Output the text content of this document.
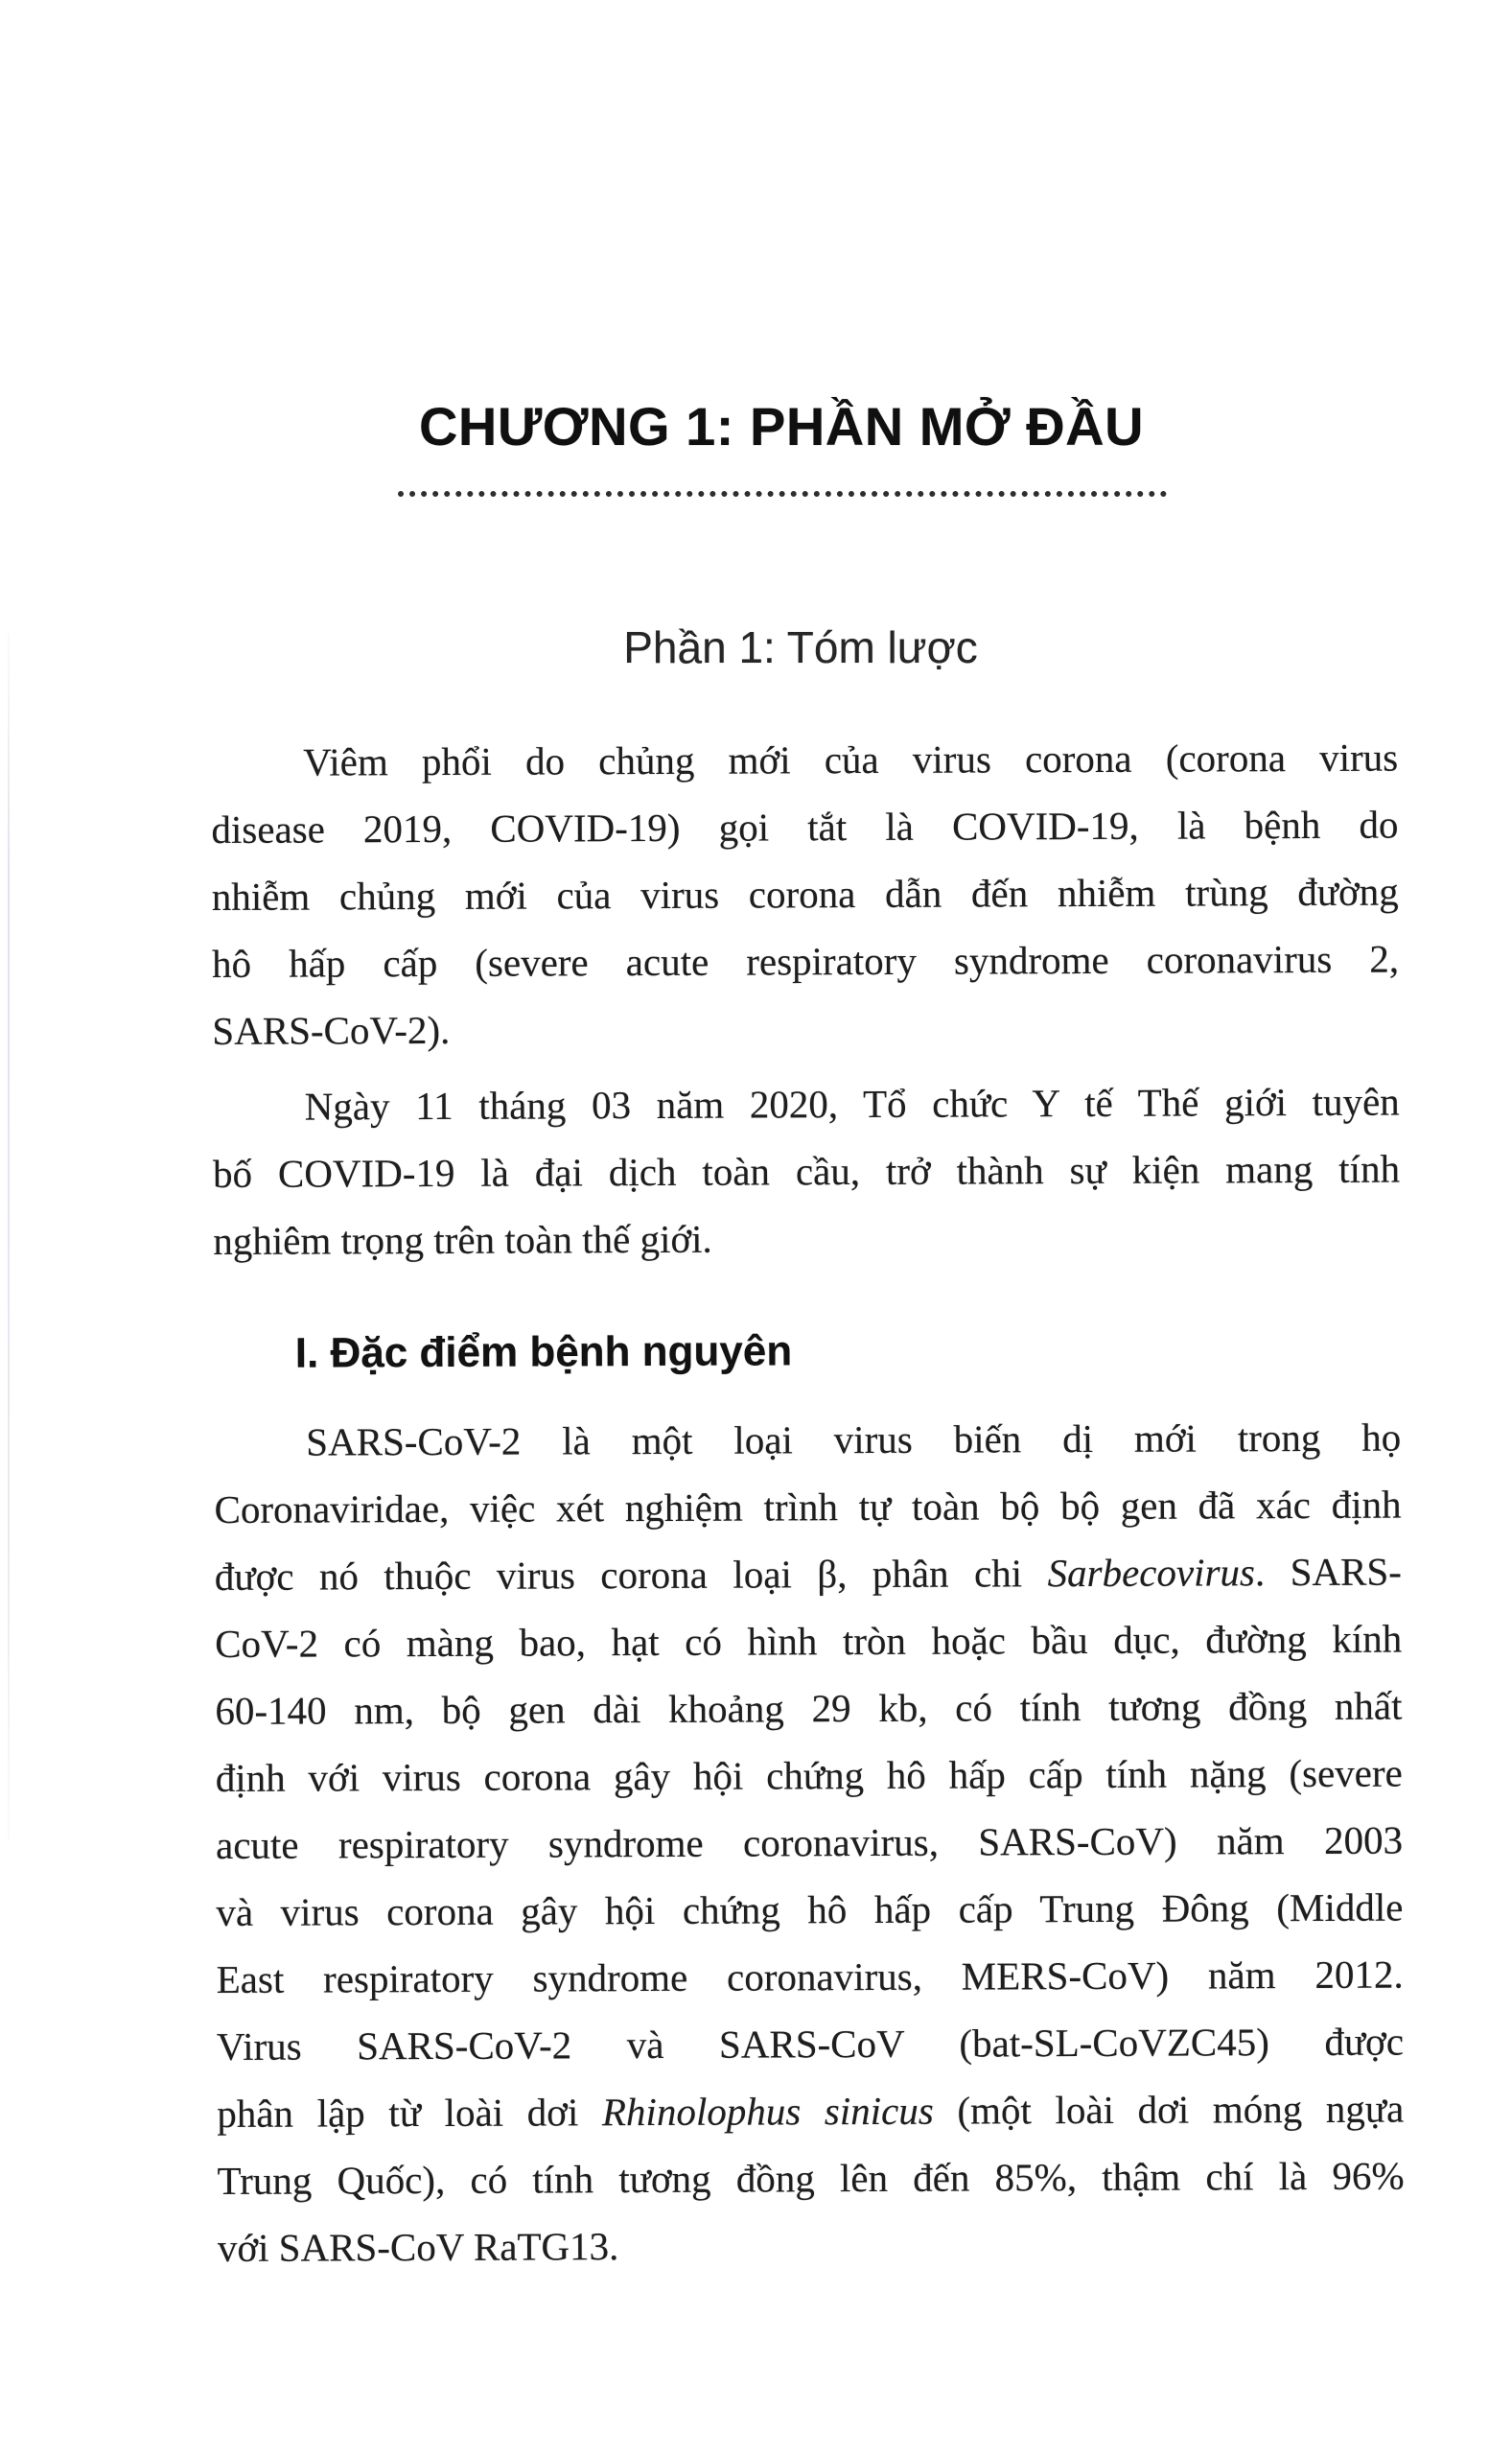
CHƯƠNG 1: PHẦN MỞ ĐẦU
Phần 1: Tóm lược
Viêm phổi do chủng mới của virus corona (corona virus
disease 2019, COVID-19) gọi tắt là COVID-19, là bệnh do
nhiễm chủng mới của virus corona dẫn đến nhiễm trùng đường
hô hấp cấp (severe acute respiratory syndrome coronavirus 2,
SARS-CoV-2).
Ngày 11 tháng 03 năm 2020, Tổ chức Y tế Thế giới tuyên
bố COVID-19 là đại dịch toàn cầu, trở thành sự kiện mang tính
nghiêm trọng trên toàn thế giới.
I. Đặc điểm bệnh nguyên
SARS-CoV-2 là một loại virus biến dị mới trong họ
Coronaviridae, việc xét nghiệm trình tự toàn bộ bộ gen đã xác định
được nó thuộc virus corona loại β, phân chi Sarbecovirus. SARS-
CoV-2 có màng bao, hạt có hình tròn hoặc bầu dục, đường kính
60-140 nm, bộ gen dài khoảng 29 kb, có tính tương đồng nhất
định với virus corona gây hội chứng hô hấp cấp tính nặng (severe
acute respiratory syndrome coronavirus, SARS-CoV) năm 2003
và virus corona gây hội chứng hô hấp cấp Trung Đông (Middle
East respiratory syndrome coronavirus, MERS-CoV) năm 2012.
Virus SARS-CoV-2 và SARS-CoV (bat-SL-CoVZC45) được
phân lập từ loài dơi Rhinolophus sinicus (một loài dơi móng ngựa
Trung Quốc), có tính tương đồng lên đến 85%, thậm chí là 96%
với SARS-CoV RaTG13.
